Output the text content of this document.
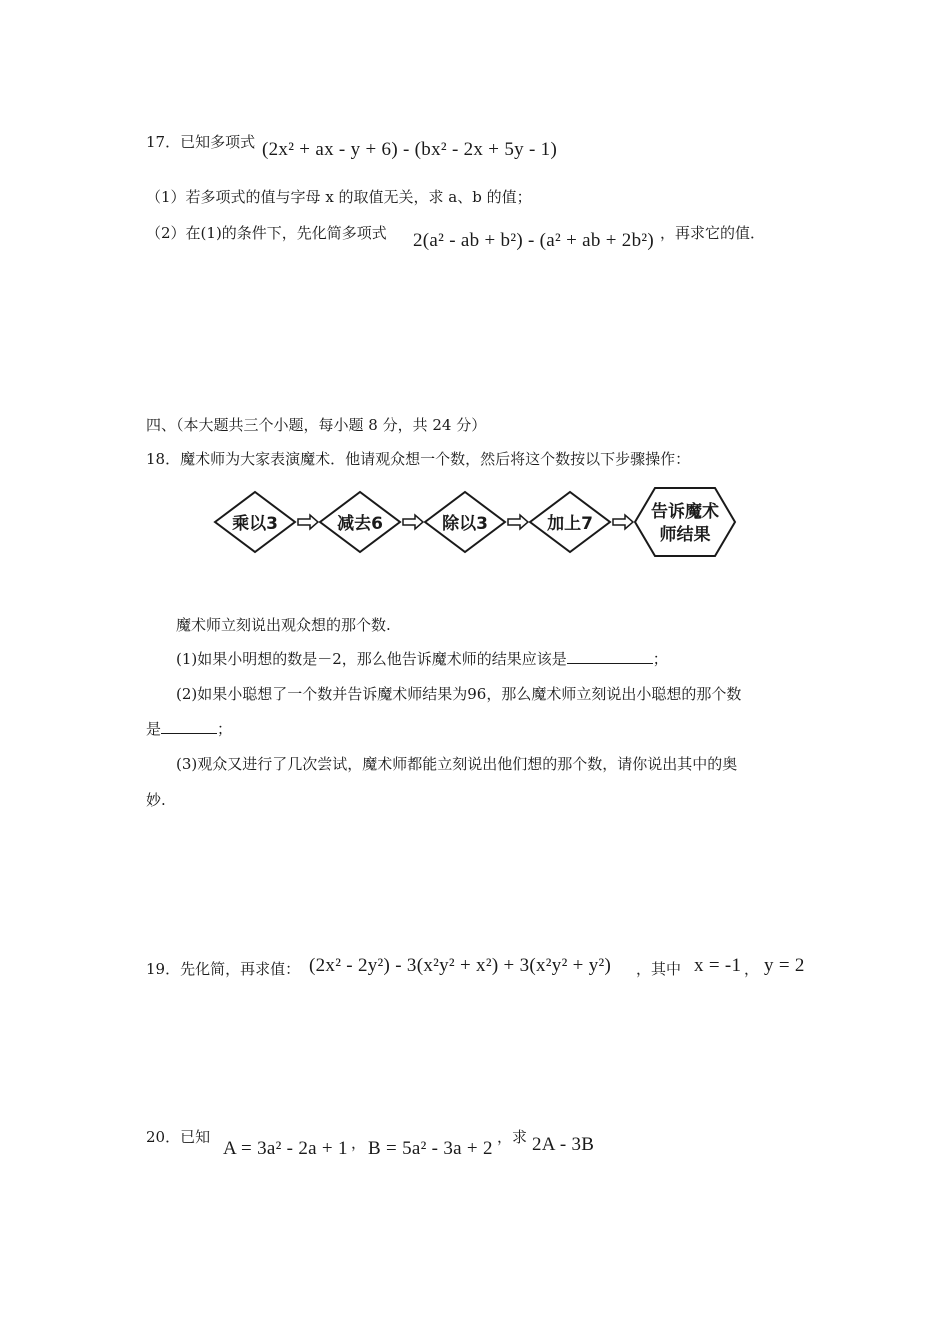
17．已知多项式 (2x² + ax - y + 6) - (bx² - 2x + 5y - 1)
（1）若多项式的值与字母 x 的取值无关，求 a、b 的值；
（2）在(1)的条件下，先化简多项式 2(a² - ab + b²) - (a² + ab + 2b²) ，再求它的值．
四、（本大题共三个小题，每小题 8 分，共 24 分）
18．魔术师为大家表演魔术．他请观众想一个数，然后将这个数按以下步骤操作：
乘以3	减去6	除以3	加上7
告诉魔术
师结果
魔术师立刻说出观众想的那个数.
(1)如果小明想的数是－2，那么他告诉魔术师的结果应该是	；
(2)如果小聪想了一个数并告诉魔术师结果为96，那么魔术师立刻说出小聪想的那个数
是	；
(3)观众又进行了几次尝试，魔术师都能立刻说出他们想的那个数，请你说出其中的奥
妙.
19．先化简，再求值： (2x² - 2y²) - 3(x²y² + x²) + 3(x²y² + y²) ，其中 x = -1 ， y = 2
20．已知
A = 3a² - 2a + 1 ， B = 5a² - 3a + 2
，求 2A - 3B
